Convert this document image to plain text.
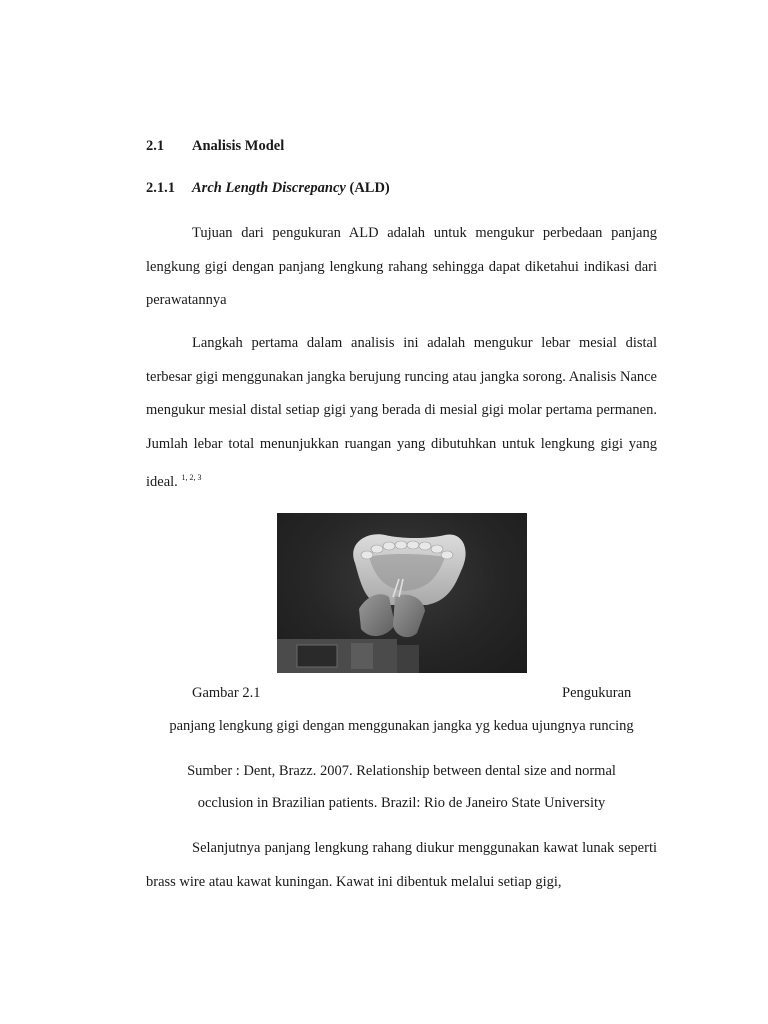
2.1 Analisis Model
2.1.1 Arch Length Discrepancy (ALD)

Tujuan dari pengukuran ALD adalah untuk mengukur perbedaan panjang lengkung gigi dengan panjang lengkung rahang sehingga dapat diketahui indikasi dari perawatannya

Langkah pertama dalam analisis ini adalah mengukur lebar mesial distal terbesar gigi menggunakan jangka berujung runcing atau jangka sorong. Analisis Nance mengukur mesial distal setiap gigi yang berada di mesial gigi molar pertama permanen. Jumlah lebar total menunjukkan ruangan yang dibutuhkan untuk lengkung gigi yang ideal. $^{1, 2, 3}$

Gambar 2.1	Pengukuran
panjang lengkung gigi dengan menggunakan jangka yg kedua ujungnya runcing
Sumber : Dent, Brazz. 2007. Relationship between dental size and normal
occlusion in Brazilian patients. Brazil: Rio de Janeiro State University

Selanjutnya panjang lengkung rahang diukur menggunakan kawat lunak seperti brass wire atau kawat kuningan. Kawat ini dibentuk melalui setiap gigi,
